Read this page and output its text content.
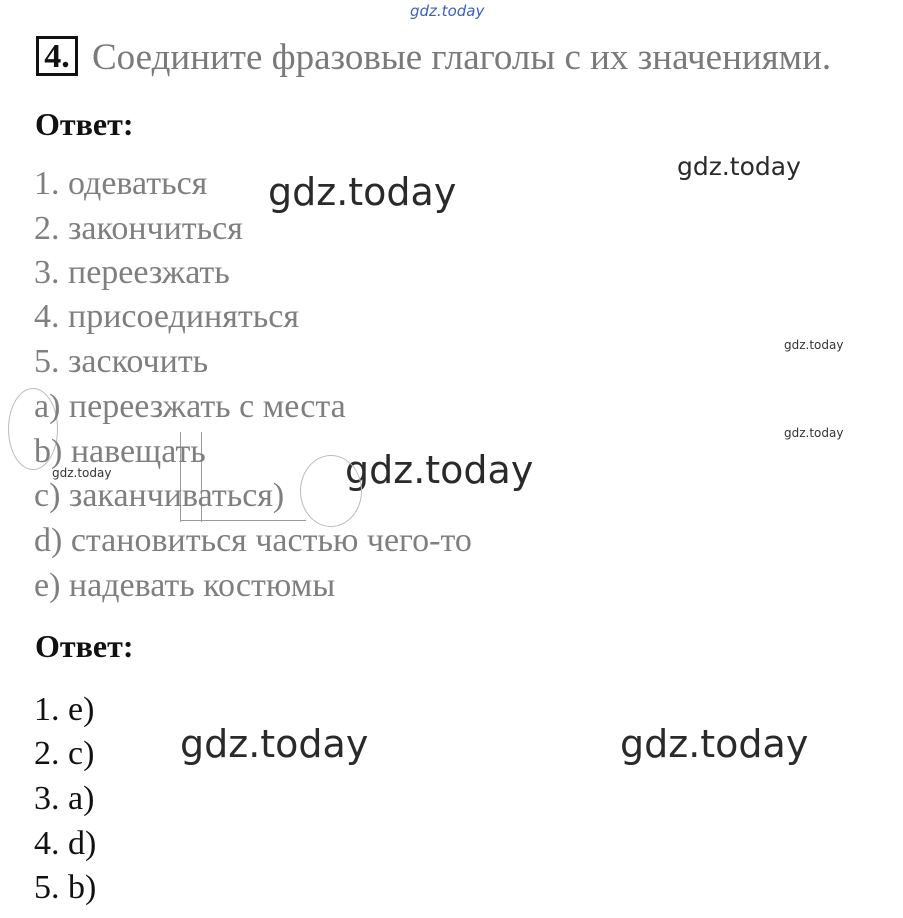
gdz.today
gdz.today
gdz.today
gdz.today
gdz.today
gdz.today
gdz.today
gdz.today	gdz.today
4. Соедините фразовые глаголы с их значениями.
Ответ:
1. одеваться
2. закончиться
3. переезжать
4. присоединяться
5. заскочить
a) переезжать с места
b) навещать
c) заканчиваться)
d) становиться частью чего-то
e) надевать костюмы
Ответ:
1. e)
2. c)
3. a)
4. d)
5. b)
